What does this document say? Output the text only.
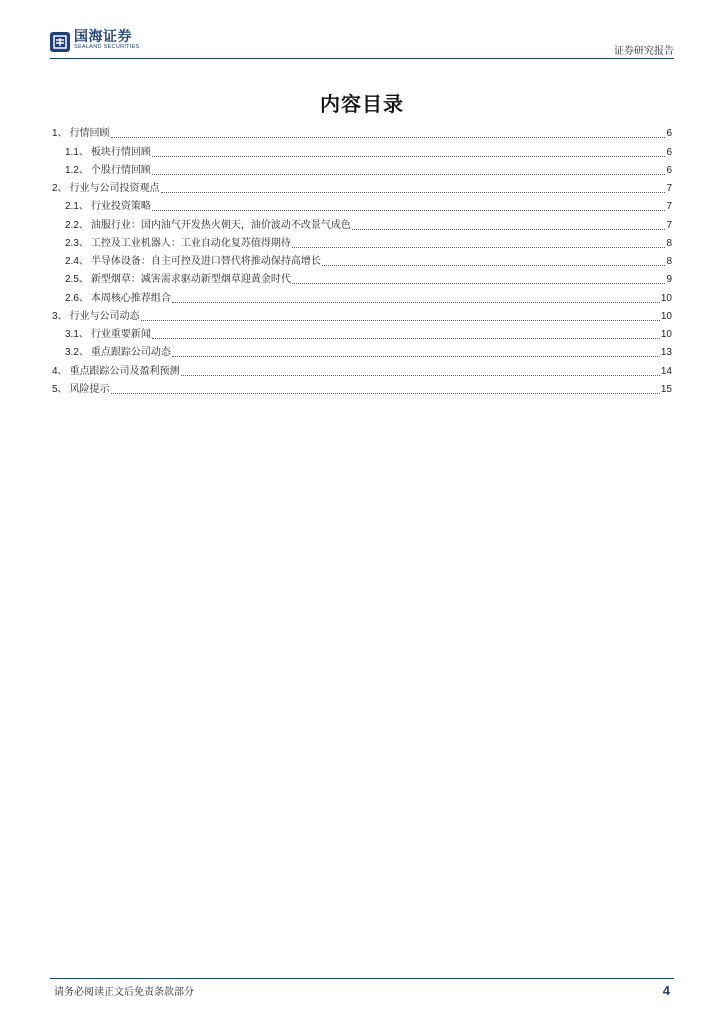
国海证券
SEALAND SECURITIES	证券研究报告
内容目录
1、 行情回顾	6
1.1、 板块行情回顾	6
1.2、 个股行情回顾	6
2、 行业与公司投资观点	7
2.1、 行业投资策略	7
2.2、 油服行业：国内油气开发热火朝天，油价波动不改景气成色	7
2.3、 工控及工业机器人：工业自动化复苏值得期待	8
2.4、 半导体设备：自主可控及进口替代将推动保持高增长	8
2.5、 新型烟草：减害需求驱动新型烟草迎黄金时代	9
2.6、 本周核心推荐组合	10
3、 行业与公司动态	10
3.1、 行业重要新闻	10
3.2、 重点跟踪公司动态	13
4、 重点跟踪公司及盈利预测	14
5、 风险提示	15
请务必阅读正文后免责条款部分	4
